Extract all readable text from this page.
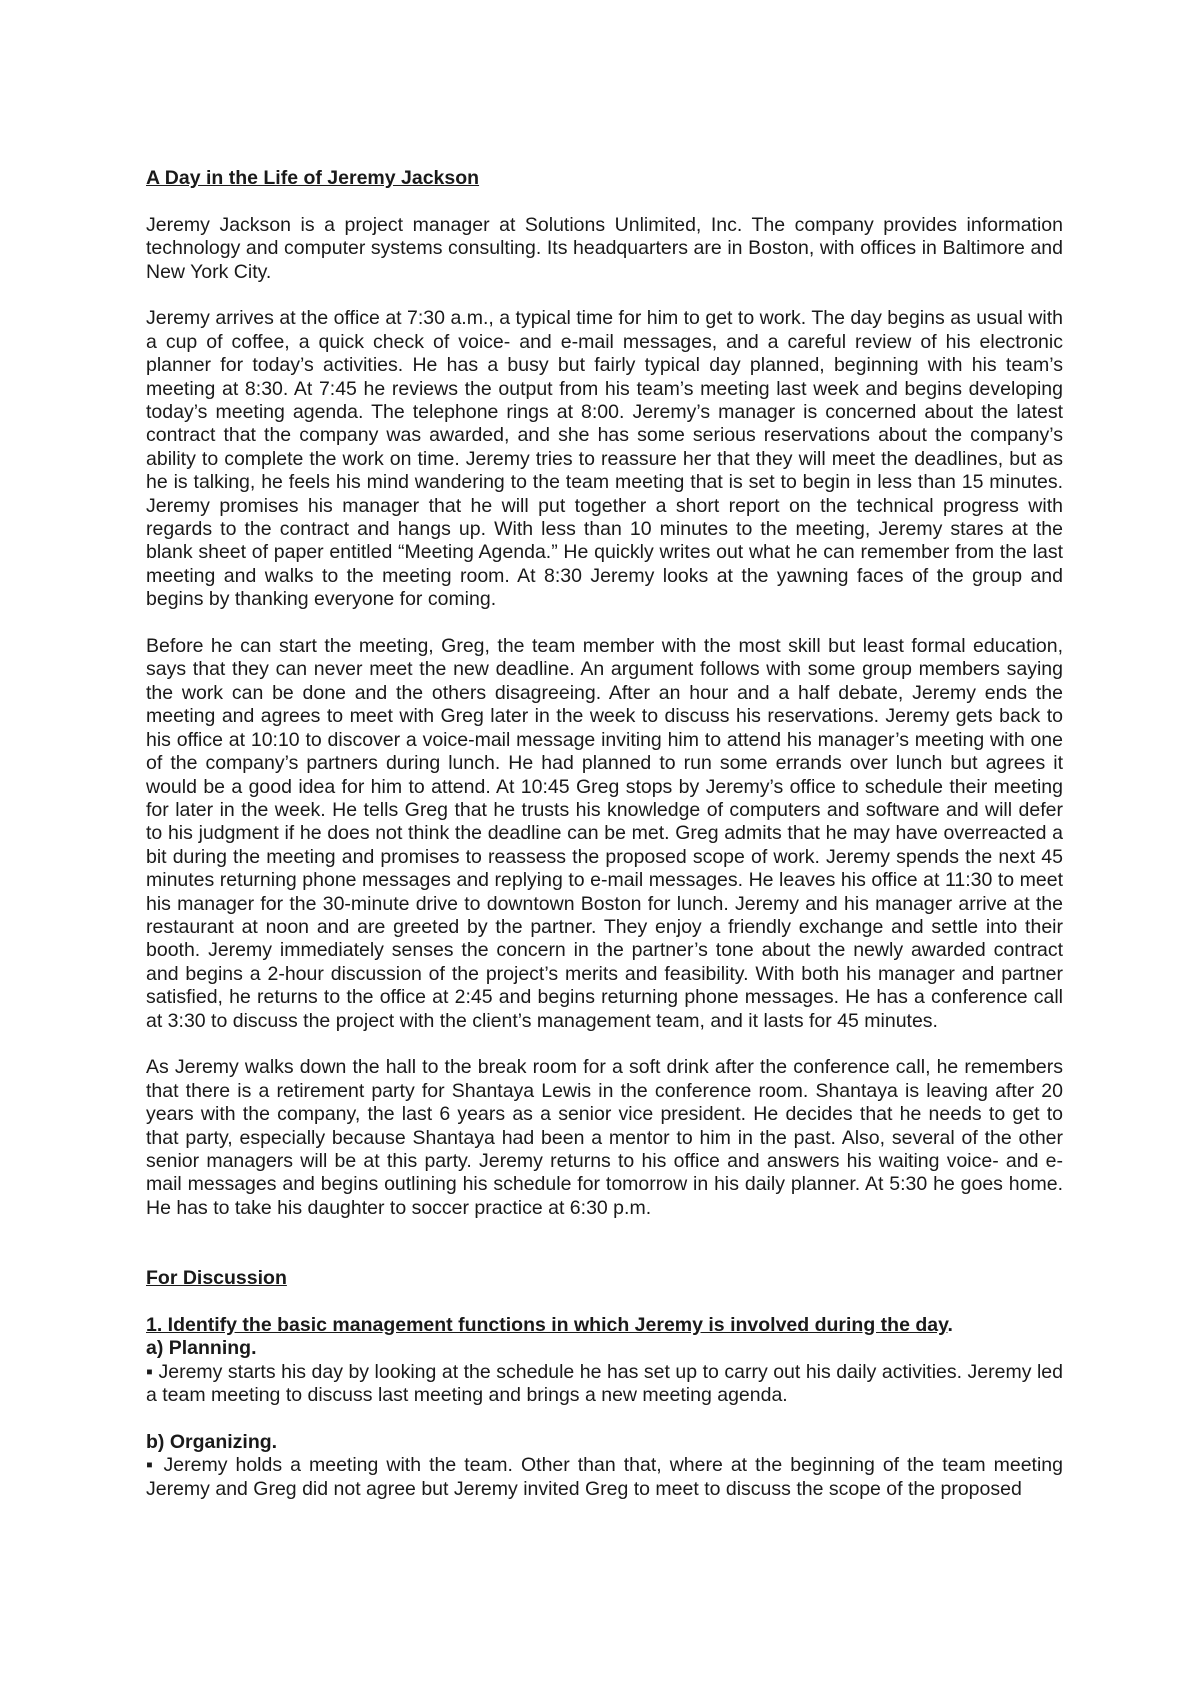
A Day in the Life of Jeremy Jackson

Jeremy Jackson is a project manager at Solutions Unlimited, Inc. The company provides information technology and computer systems consulting. Its headquarters are in Boston, with offices in Baltimore and New York City.

Jeremy arrives at the office at 7:30 a.m., a typical time for him to get to work. The day begins as usual with a cup of coffee, a quick check of voice- and e-mail messages, and a careful review of his electronic planner for today’s activities. He has a busy but fairly typical day planned, beginning with his team’s meeting at 8:30. At 7:45 he reviews the output from his team’s meeting last week and begins developing today’s meeting agenda. The telephone rings at 8:00. Jeremy’s manager is concerned about the latest contract that the company was awarded, and she has some serious reservations about the company’s ability to complete the work on time. Jeremy tries to reassure her that they will meet the deadlines, but as he is talking, he feels his mind wandering to the team meeting that is set to begin in less than 15 minutes. Jeremy promises his manager that he will put together a short report on the technical progress with regards to the contract and hangs up. With less than 10 minutes to the meeting, Jeremy stares at the blank sheet of paper entitled “Meeting Agenda.” He quickly writes out what he can remember from the last meeting and walks to the meeting room. At 8:30 Jeremy looks at the yawning faces of the group and begins by thanking everyone for coming.

Before he can start the meeting, Greg, the team member with the most skill but least formal education, says that they can never meet the new deadline. An argument follows with some group members saying the work can be done and the others disagreeing. After an hour and a half debate, Jeremy ends the meeting and agrees to meet with Greg later in the week to discuss his reservations. Jeremy gets back to his office at 10:10 to discover a voice-mail message inviting him to attend his manager’s meeting with one of the company’s partners during lunch. He had planned to run some errands over lunch but agrees it would be a good idea for him to attend. At 10:45 Greg stops by Jeremy’s office to schedule their meeting for later in the week. He tells Greg that he trusts his knowledge of computers and software and will defer to his judgment if he does not think the deadline can be met. Greg admits that he may have overreacted a bit during the meeting and promises to reassess the proposed scope of work. Jeremy spends the next 45 minutes returning phone messages and replying to e-mail messages. He leaves his office at 11:30 to meet his manager for the 30-minute drive to downtown Boston for lunch. Jeremy and his manager arrive at the restaurant at noon and are greeted by the partner. They enjoy a friendly exchange and settle into their booth. Jeremy immediately senses the concern in the partner’s tone about the newly awarded contract and begins a 2-hour discussion of the project’s merits and feasibility. With both his manager and partner satisfied, he returns to the office at 2:45 and begins returning phone messages. He has a conference call at 3:30 to discuss the project with the client’s management team, and it lasts for 45 minutes.

As Jeremy walks down the hall to the break room for a soft drink after the conference call, he remembers that there is a retirement party for Shantaya Lewis in the conference room. Shantaya is leaving after 20 years with the company, the last 6 years as a senior vice president. He decides that he needs to get to that party, especially because Shantaya had been a mentor to him in the past. Also, several of the other senior managers will be at this party. Jeremy returns to his office and answers his waiting voice- and e-mail messages and begins outlining his schedule for tomorrow in his daily planner. At 5:30 he goes home. He has to take his daughter to soccer practice at 6:30 p.m.

For Discussion

1. Identify the basic management functions in which Jeremy is involved during the day.

a) Planning.

▪ Jeremy starts his day by looking at the schedule he has set up to carry out his daily activities. Jeremy led a team meeting to discuss last meeting and brings a new meeting agenda.

b) Organizing.

▪ Jeremy holds a meeting with the team. Other than that, where at the beginning of the team meeting Jeremy and Greg did not agree but Jeremy invited Greg to meet to discuss the scope of the proposed
